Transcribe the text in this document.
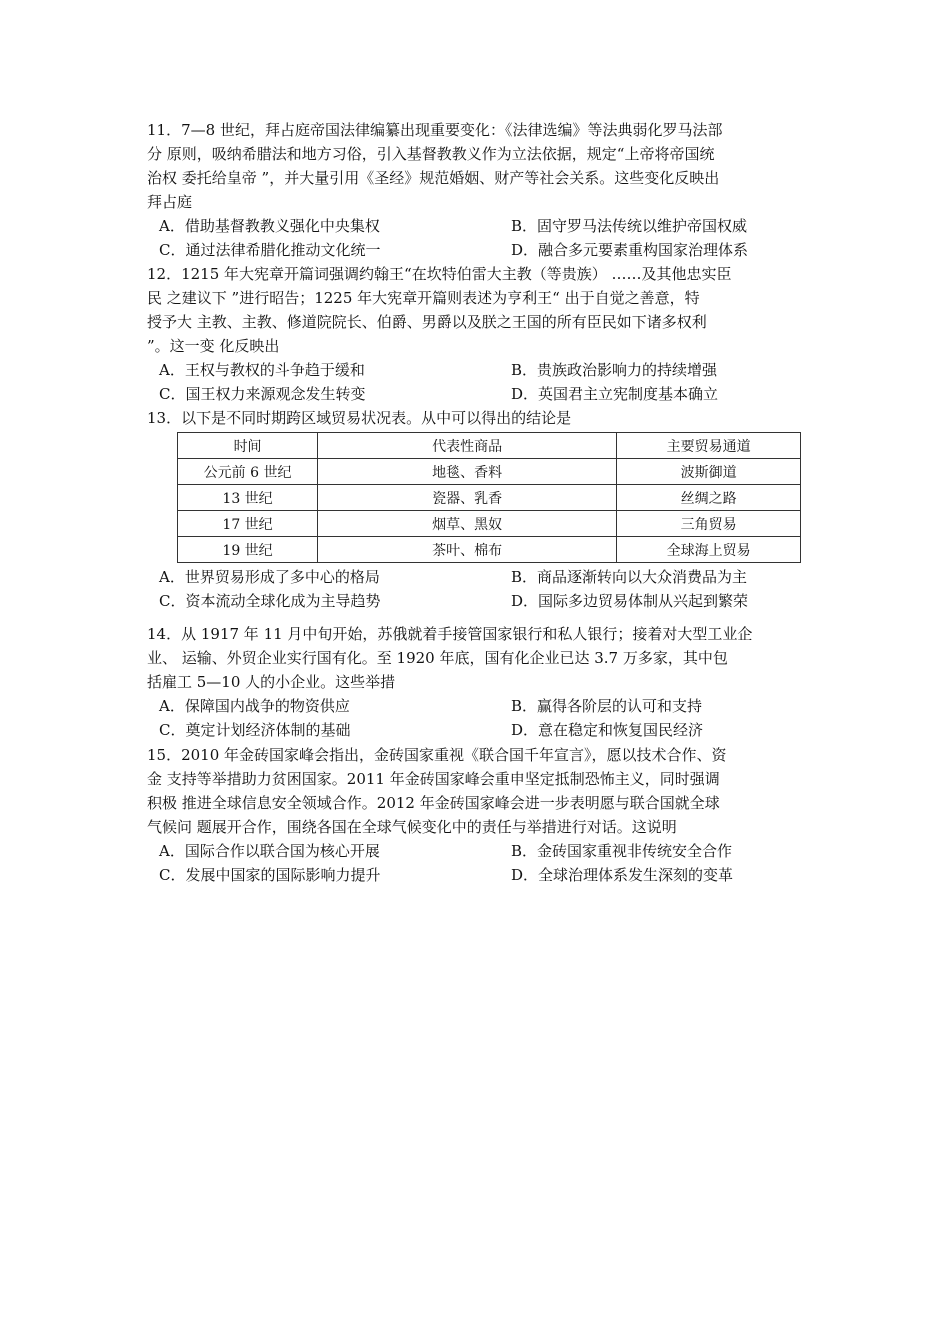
11．7—8 世纪，拜占庭帝国法律编纂出现重要变化：《法律选编》等法典弱化罗马法部

分 原则，吸纳希腊法和地方习俗，引入基督教教义作为立法依据，规定“上帝将帝国统

治权 委托给皇帝 ”，并大量引用《圣经》规范婚姻、财产等社会关系。这些变化反映出

拜占庭

A．借助基督教教义强化中央集权	B．固守罗马法传统以维护帝国权威
C．通过法律希腊化推动文化统一	D．融合多元要素重构国家治理体系

12．1215 年大宪章开篇词强调约翰王“在坎特伯雷大主教（等贵族） ……及其他忠实臣

民 之建议下 ”进行昭告；1225 年大宪章开篇则表述为亨利王“ 出于自觉之善意，特

授予大 主教、主教、修道院院长、伯爵、男爵以及朕之王国的所有臣民如下诸多权利

”。这一变 化反映出

A．王权与教权的斗争趋于缓和	B．贵族政治影响力的持续增强
C．国王权力来源观念发生转变	D．英国君主立宪制度基本确立

13．以下是不同时期跨区域贸易状况表。从中可以得出的结论是

时间	代表性商品	主要贸易通道
公元前 6 世纪	地毯、香料	波斯御道
13 世纪	瓷器、乳香	丝绸之路
17 世纪	烟草、黑奴	三角贸易
19 世纪	茶叶、棉布	全球海上贸易
A．世界贸易形成了多中心的格局	B．商品逐渐转向以大众消费品为主
C．资本流动全球化成为主导趋势	D．国际多边贸易体制从兴起到繁荣

14．从 1917 年 11 月中旬开始，苏俄就着手接管国家银行和私人银行；接着对大型工业企

业、 运输、外贸企业实行国有化。至 1920 年底，国有化企业已达 3.7 万多家，其中包

括雇工 5—10 人的小企业。这些举措

A．保障国内战争的物资供应	B．赢得各阶层的认可和支持
C．奠定计划经济体制的基础	D．意在稳定和恢复国民经济

15．2010 年金砖国家峰会指出，金砖国家重视《联合国千年宣言》，愿以技术合作、资

金 支持等举措助力贫困国家。2011 年金砖国家峰会重申坚定抵制恐怖主义，同时强调

积极 推进全球信息安全领域合作。2012 年金砖国家峰会进一步表明愿与联合国就全球

气候问 题展开合作，围绕各国在全球气候变化中的责任与举措进行对话。这说明

A．国际合作以联合国为核心开展	B．金砖国家重视非传统安全合作
C．发展中国家的国际影响力提升	D．全球治理体系发生深刻的变革
